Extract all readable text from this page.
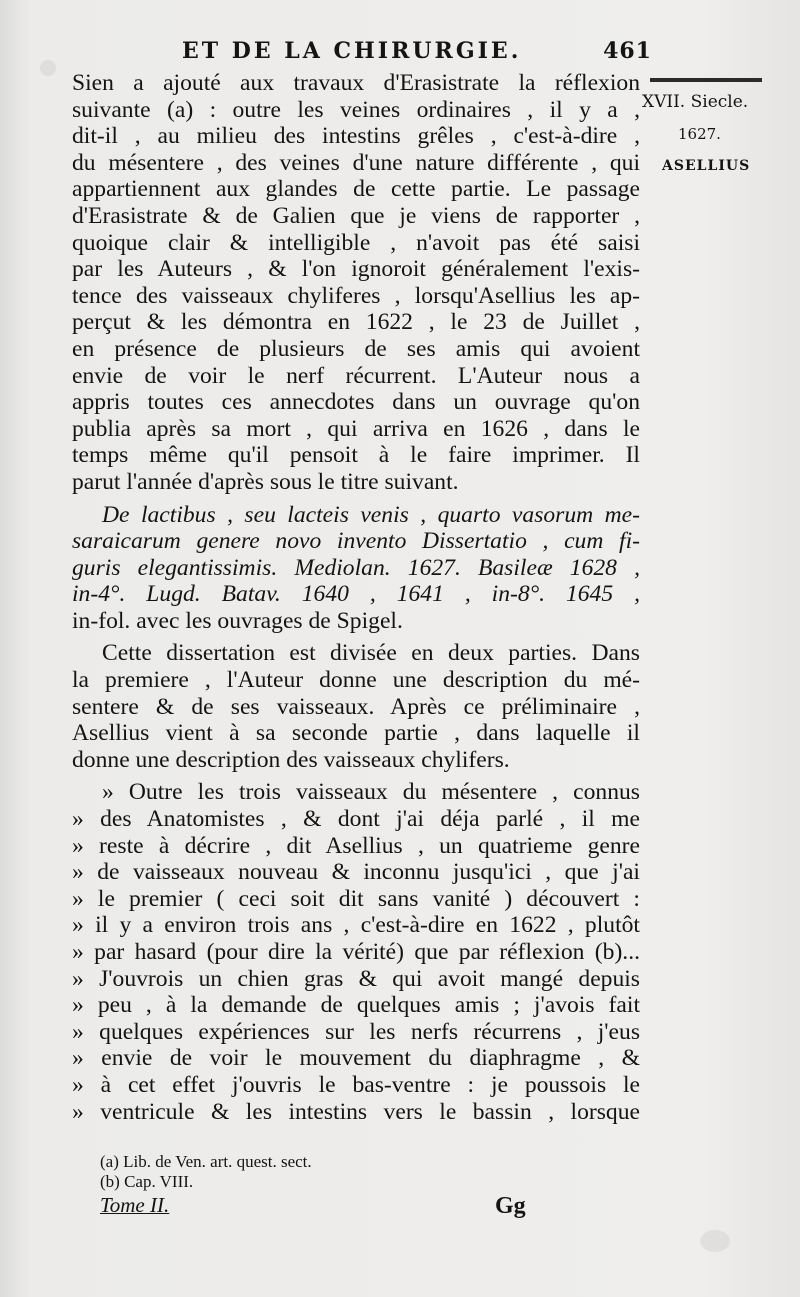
ET DE LA CHIRURGIE.	461
XVII. Siecle.
1627.
ASELLIUS
Sien a ajouté aux travaux d'Erasistrate la réflexion
suivante (a) : outre les veines ordinaires , il y a ,
dit-il , au milieu des intestins grêles , c'est-à-dire ,
du mésentere , des veines d'une nature différente , qui
appartiennent aux glandes de cette partie. Le passage
d'Erasistrate & de Galien que je viens de rapporter ,
quoique clair & intelligible , n'avoit pas été saisi
par les Auteurs , & l'on ignoroit généralement l'exis-
tence des vaisseaux chyliferes , lorsqu'Asellius les ap-
perçut & les démontra en 1622 , le 23 de Juillet ,
en présence de plusieurs de ses amis qui avoient
envie de voir le nerf récurrent. L'Auteur nous a
appris toutes ces annecdotes dans un ouvrage qu'on
publia après sa mort , qui arriva en 1626 , dans le
temps même qu'il pensoit à le faire imprimer. Il
parut l'année d'après sous le titre suivant.
De lactibus , seu lacteis venis , quarto vasorum me-
saraicarum genere novo invento Dissertatio , cum fi-
guris elegantissimis. Mediolan. 1627. Basileæ 1628 ,
in-4°. Lugd. Batav. 1640 , 1641 , in-8°. 1645 ,
in-fol. avec les ouvrages de Spigel.
Cette dissertation est divisée en deux parties. Dans
la premiere , l'Auteur donne une description du mé-
sentere & de ses vaisseaux. Après ce préliminaire ,
Asellius vient à sa seconde partie , dans laquelle il
donne une description des vaisseaux chylifers.
» Outre les trois vaisseaux du mésentere , connus
» des Anatomistes , & dont j'ai déja parlé , il me
» reste à décrire , dit Asellius , un quatrieme genre
» de vaisseaux nouveau & inconnu jusqu'ici , que j'ai
» le premier ( ceci soit dit sans vanité ) découvert :
» il y a environ trois ans , c'est-à-dire en 1622 , plutôt
» par hasard (pour dire la vérité) que par réflexion (b)...
» J'ouvrois un chien gras & qui avoit mangé depuis
» peu , à la demande de quelques amis ; j'avois fait
» quelques expériences sur les nerfs récurrens , j'eus
» envie de voir le mouvement du diaphragme , &
» à cet effet j'ouvris le bas-ventre : je poussois le
» ventricule & les intestins vers le bassin , lorsque
(a) Lib. de Ven. art. quest. sect.
(b) Cap. VIII.
Tome II.	Gg
